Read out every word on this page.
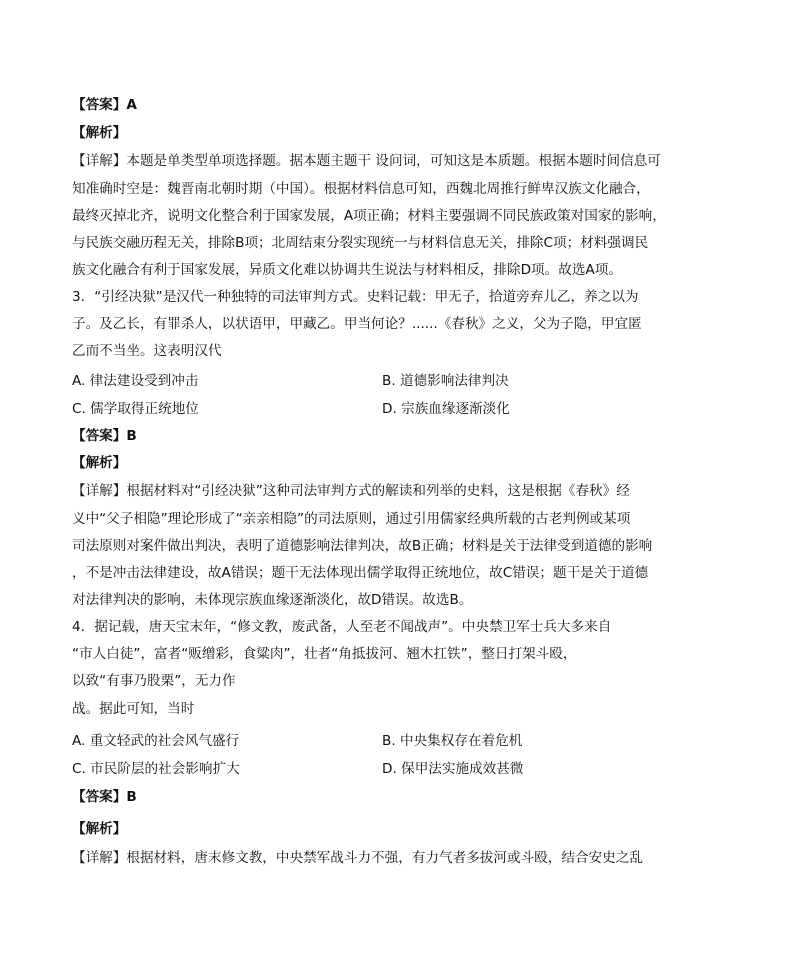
【答案】A
【解析】
【详解】本题是单类型单项选择题。据本题主题干 设问词，可知这是本质题。根据本题时间信息可
知准确时空是：魏晋南北朝时期（中国）。根据材料信息可知，西魏北周推行鲜卑汉族文化融合，
最终灭掉北齐，说明文化整合利于国家发展，A项正确；材料主要强调不同民族政策对国家的影响，
与民族交融历程无关，排除B项；北周结束分裂实现统一与材料信息无关，排除C项；材料强调民
族文化融合有利于国家发展，异质文化难以协调共生说法与材料相反，排除D项。故选A项。
3．“引经决狱”是汉代一种独特的司法审判方式。史料记载：甲无子，拾道旁弃儿乙，养之以为
子。及乙长，有罪杀人，以状语甲，甲藏乙。甲当何论？......《春秋》之义，父为子隐，甲宜匿
乙而不当坐。这表明汉代
A. 律法建设受到冲击	B. 道德影响法律判决
C. 儒学取得正统地位	D. 宗族血缘逐渐淡化
【答案】B
【解析】
【详解】根据材料对“引经决狱”这种司法审判方式的解读和列举的史料，这是根据《春秋》经
义中“父子相隐”理论形成了“亲亲相隐”的司法原则，通过引用儒家经典所载的古老判例或某项
司法原则对案件做出判决，表明了道德影响法律判决，故B正确；材料是关于法律受到道德的影响
，不是冲击法律建设，故A错误；题干无法体现出儒学取得正统地位，故C错误；题干是关于道德
对法律判决的影响，未体现宗族血缘逐渐淡化，故D错误。故选B。
4．据记载，唐天宝末年，“修文教，废武备，人至老不闻战声”。中央禁卫军士兵大多来自
“市人白徒”，富者“贩缯彩，食粱肉”，壮者“角抵拔河、翘木扛铁”，整日打架斗殴，
以致“有事乃股栗”，无力作
战。据此可知，当时
A. 重文轻武的社会风气盛行	B. 中央集权存在着危机
C. 市民阶层的社会影响扩大	D. 保甲法实施成效甚微
【答案】B
【解析】
【详解】根据材料，唐末修文教，中央禁军战斗力不强，有力气者多拔河或斗殴，结合安史之乱
